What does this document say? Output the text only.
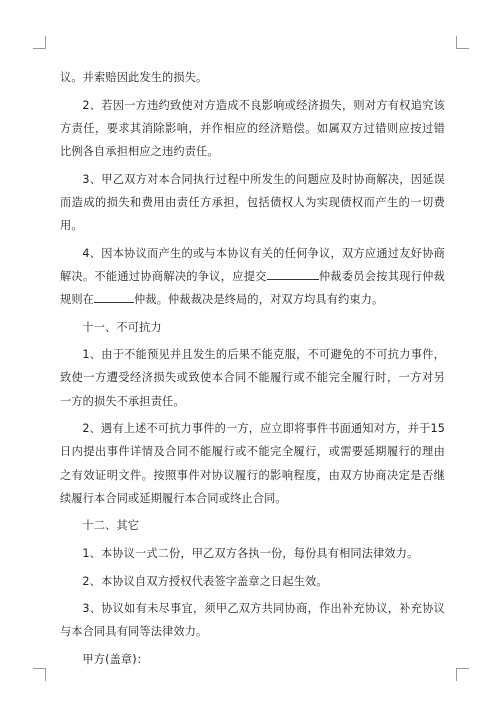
议。并索赔因此发生的损失。

2、若因一方违约致使对方造成不良影响或经济损失，则对方有权追究该方责任，要求其消除影响，并作相应的经济赔偿。如属双方过错则应按过错比例各自承担相应之违约责任。

3、甲乙双方对本合同执行过程中所发生的问题应及时协商解决，因延误而造成的损失和费用由责任方承担，包括债权人为实现债权而产生的一切费用。

4、因本协议而产生的或与本协议有关的任何争议，双方应通过友好协商解决。不能通过协商解决的争议，应提交	仲裁委员会按其现行仲裁规则在	仲裁。仲裁裁决是终局的，对双方均具有约束力。

十一、不可抗力

1、由于不能预见并且发生的后果不能克服，不可避免的不可抗力事件，致使一方遭受经济损失或致使本合同不能履行或不能完全履行时，一方对另一方的损失不承担责任。

2、遇有上述不可抗力事件的一方，应立即将事件书面通知对方，并于15日内提出事件详情及合同不能履行或不能完全履行，或需要延期履行的理由之有效证明文件。按照事件对协议履行的影响程度，由双方协商决定是否继续履行本合同或延期履行本合同或终止合同。

十二、其它

1、本协议一式二份，甲乙双方各执一份，每份具有相同法律效力。

2、本协议自双方授权代表签字盖章之日起生效。

3、协议如有未尽事宜，须甲乙双方共同协商，作出补充协议，补充协议与本合同具有同等法律效力。

甲方(盖章)：
